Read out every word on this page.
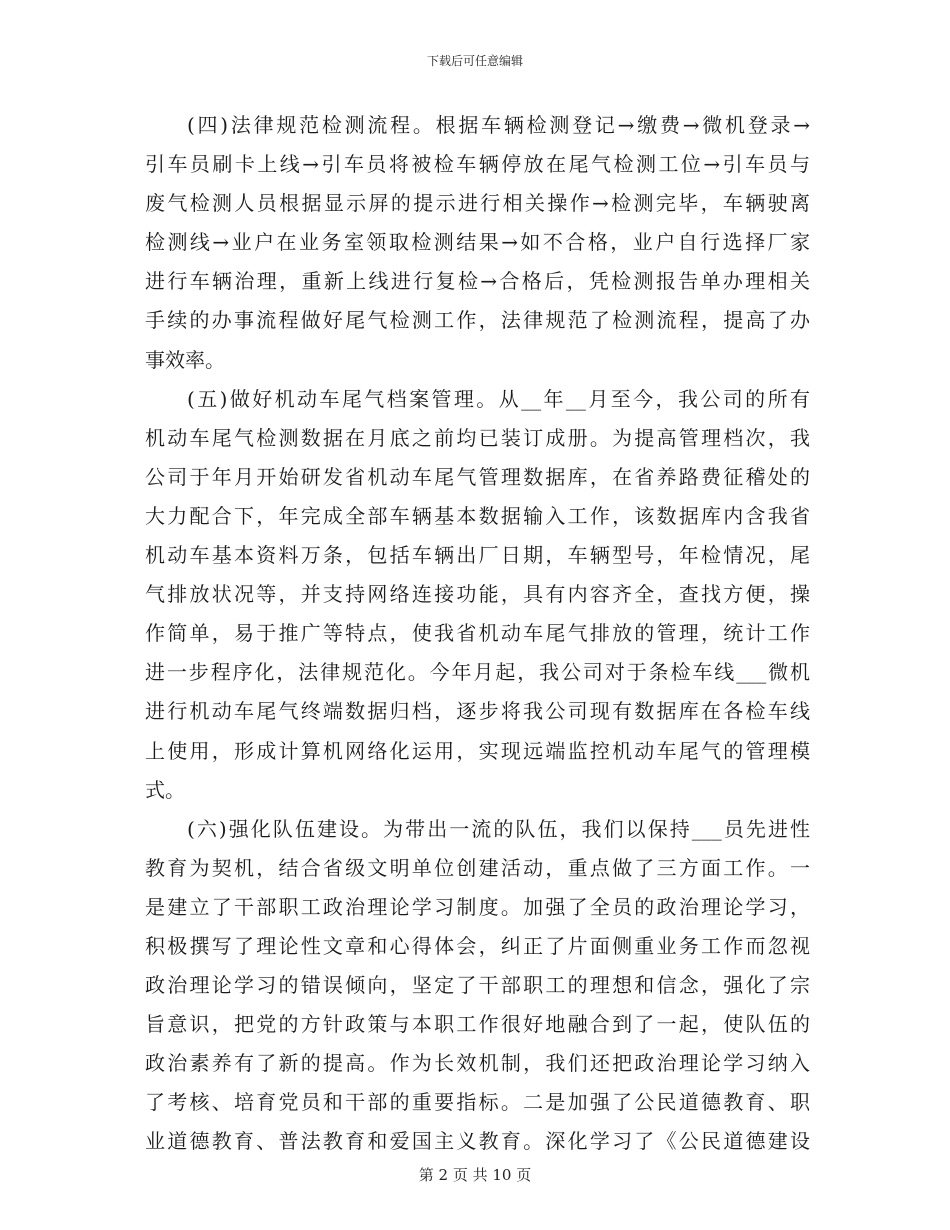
下载后可任意编辑
(四)法律规范检测流程。根据车辆检测登记→缴费→微机登录→
引车员刷卡上线→引车员将被检车辆停放在尾气检测工位→引车员与
废气检测人员根据显示屏的提示进行相关操作→检测完毕，车辆驶离
检测线→业户在业务室领取检测结果→如不合格，业户自行选择厂家
进行车辆治理，重新上线进行复检→合格后，凭检测报告单办理相关
手续的办事流程做好尾气检测工作，法律规范了检测流程，提高了办
事效率。
(五)做好机动车尾气档案管理。从__年__月至今，我公司的所有
机动车尾气检测数据在月底之前均已装订成册。为提高管理档次，我
公司于年月开始研发省机动车尾气管理数据库，在省养路费征稽处的
大力配合下，年完成全部车辆基本数据输入工作，该数据库内含我省
机动车基本资料万条，包括车辆出厂日期，车辆型号，年检情况，尾
气排放状况等，并支持网络连接功能，具有内容齐全，查找方便，操
作简单，易于推广等特点，使我省机动车尾气排放的管理，统计工作
进一步程序化，法律规范化。今年月起，我公司对于条检车线___微机
进行机动车尾气终端数据归档，逐步将我公司现有数据库在各检车线
上使用，形成计算机网络化运用，实现远端监控机动车尾气的管理模
式。
(六)强化队伍建设。为带出一流的队伍，我们以保持___员先进性
教育为契机，结合省级文明单位创建活动，重点做了三方面工作。一
是建立了干部职工政治理论学习制度。加强了全员的政治理论学习，
积极撰写了理论性文章和心得体会，纠正了片面侧重业务工作而忽视
政治理论学习的错误倾向，坚定了干部职工的理想和信念，强化了宗
旨意识，把党的方针政策与本职工作很好地融合到了一起，使队伍的
政治素养有了新的提高。作为长效机制，我们还把政治理论学习纳入
了考核、培育党员和干部的重要指标。二是加强了公民道德教育、职
业道德教育、普法教育和爱国主义教育。深化学习了《公民道德建设
第 2 页 共 10 页
